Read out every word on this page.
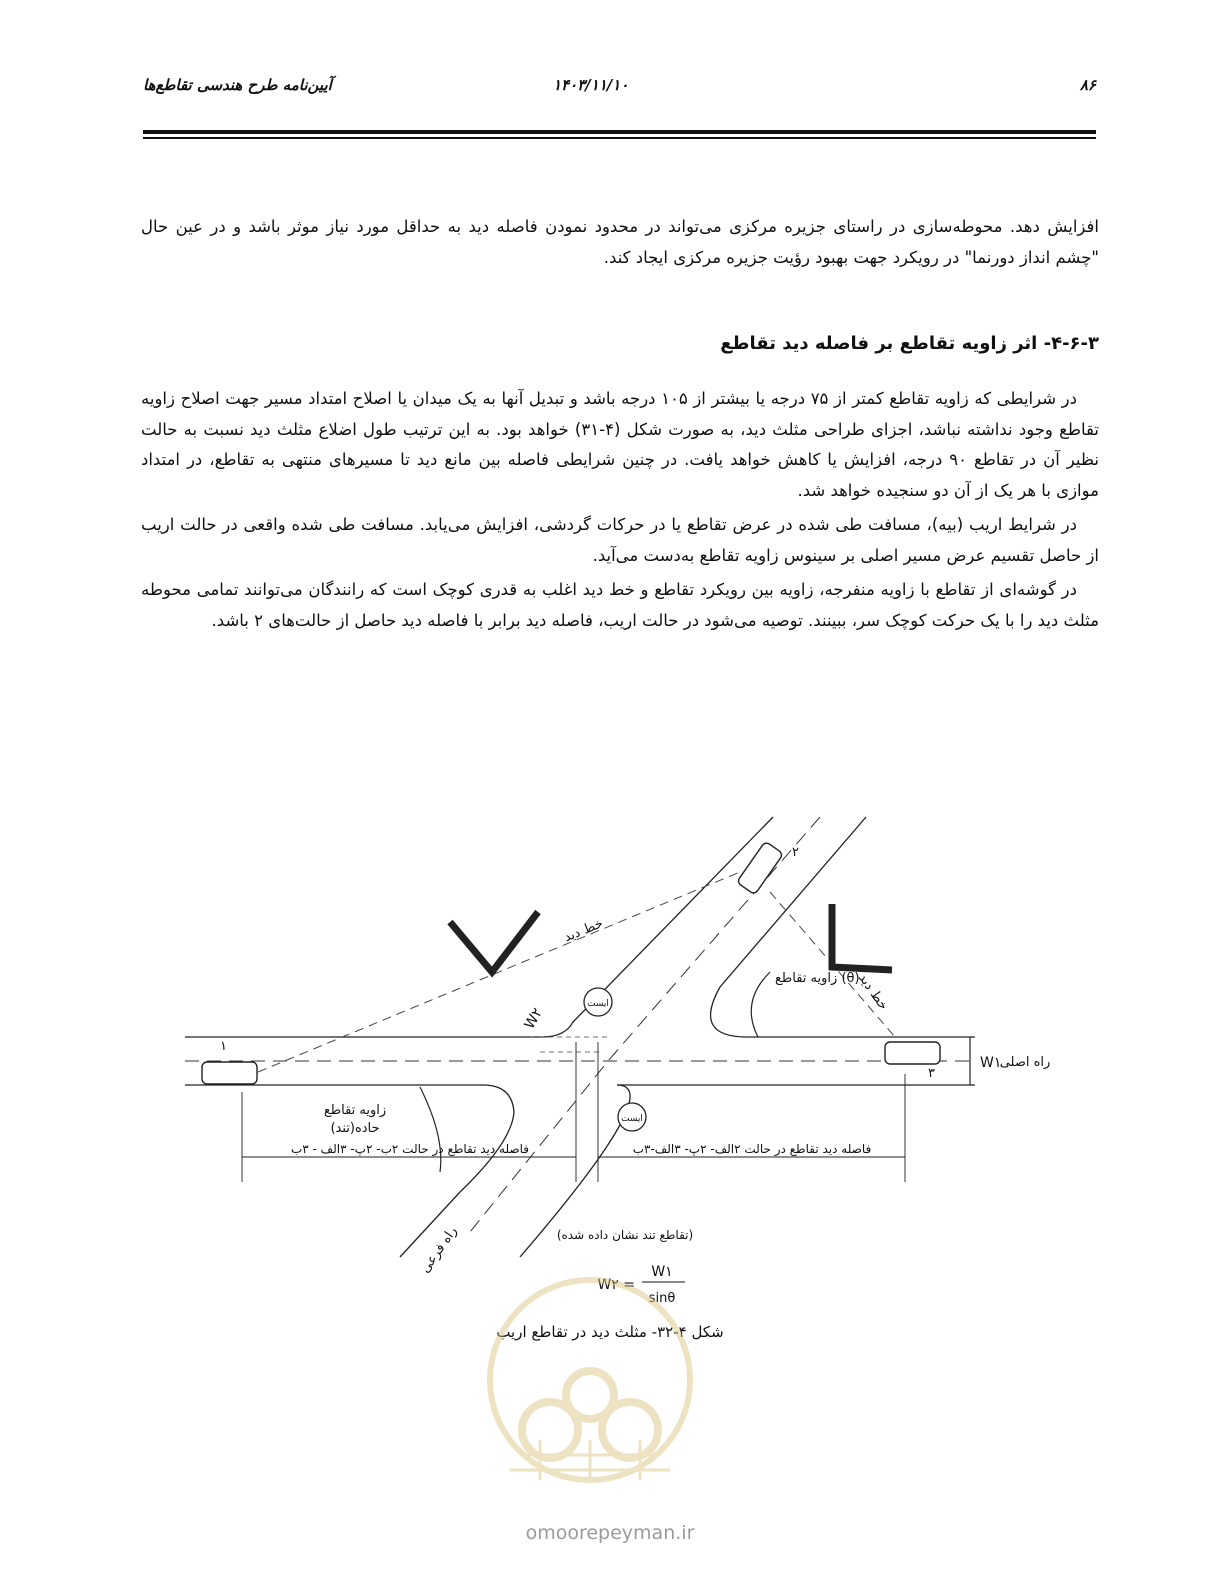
۸۶
۱۴۰۳/۱۱/۱۰
آیین‌نامه طرح هندسی تقاطع‌ها

افزایش دهد. محوطه‌سازی در راستای جزیره مرکزی می‌تواند در محدود نمودن فاصله دید به حداقل مورد نیاز موثر باشد و در عین حال "چشم انداز دورنما" در رویکرد جهت بهبود رؤیت جزیره مرکزی ایجاد کند.

۴-۶-۳- اثر زاویه تقاطع بر فاصله دید تقاطع

در شرایطی که زاویه تقاطع کمتر از ۷۵ درجه یا بیشتر از ۱۰۵ درجه باشد و تبدیل آنها به یک میدان یا اصلاح امتداد مسیر جهت اصلاح زاویه تقاطع وجود نداشته نباشد، اجزای طراحی مثلث دید، به صورت شکل (۴-۳۱) خواهد بود. به این ترتیب طول اضلاع مثلث دید نسبت به حالت نظیر آن در تقاطع ۹۰ درجه، افزایش یا کاهش خواهد یافت. در چنین شرایطی فاصله بین مانع دید تا مسیرهای منتهی به تقاطع، در امتداد موازی با هر یک از آن دو سنجیده خواهد شد.

در شرایط اریب (بیه)، مسافت طی شده در عرض تقاطع یا در حرکات گردشی، افزایش می‌یابد. مسافت طی شده واقعی در حالت اریب از حاصل تقسیم عرض مسیر اصلی بر سینوس زاویه تقاطع به‌دست می‌آید.

در گوشه‌ای از تقاطع با زاویه منفرجه، زاویه بین رویکرد تقاطع و خط دید اغلب به قدری کوچک است که رانندگان می‌توانند تمامی محوطه مثلث دید را با یک حرکت کوچک سر، ببینند. توصیه می‌شود در حالت اریب، فاصله دید برابر با فاصله دید حاصل از حالت‌های ۲ باشد.

خط دید
خط دید
زاویه تقاطع (θ)
زاویه تقاطع
حاده(تند)
راه اصلی
W۱
W۲
راه فرعی
ایست
ایست
۱
۲
۳
فاصله دید تقاطع در حالت ۲ب- ۲پ- ۳الف - ۳ب	فاصله دید تقاطع در حالت ۲الف- ۲پ- ۳الف-۳ب
(تقاطع تند نشان داده شده)
W۲ =
W۱
sinθ
شکل ۴-۳۲- مثلث دید در تقاطع اریب
omoorepeyman.ir
